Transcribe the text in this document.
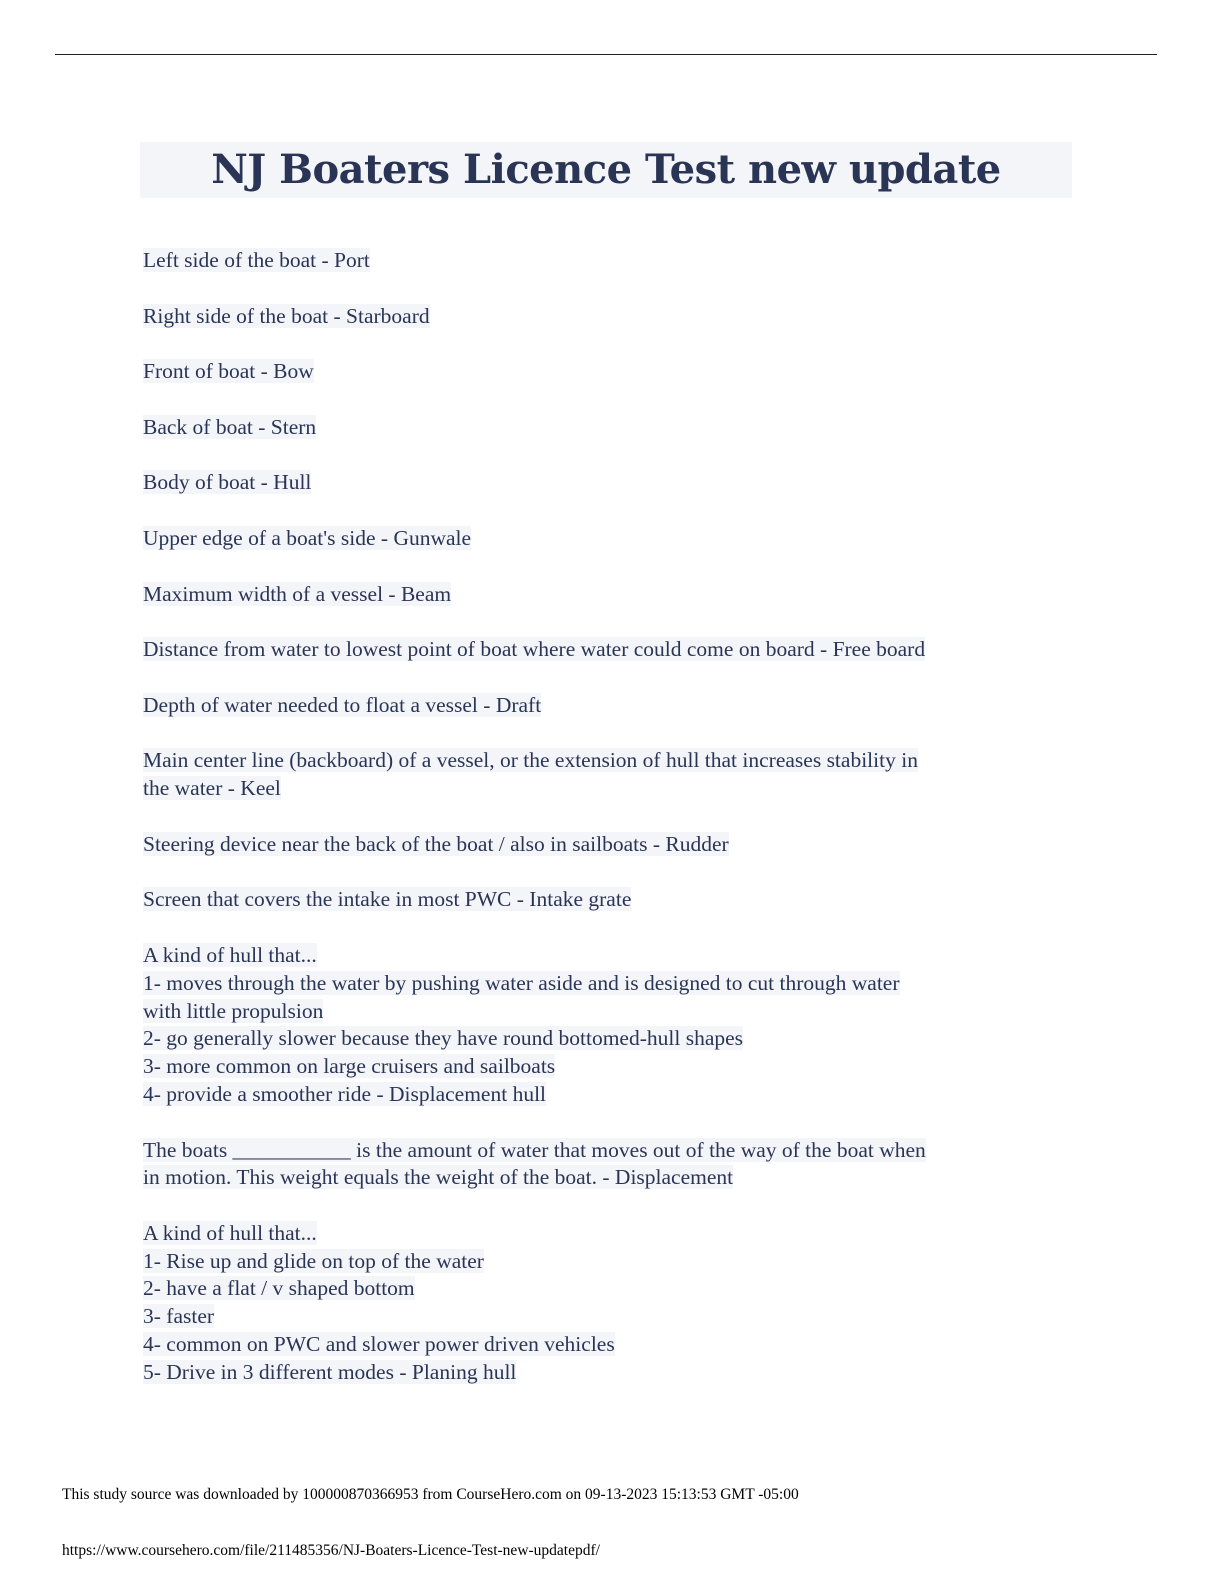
NJ Boaters Licence Test new update
Left side of the boat - Port
Right side of the boat - Starboard
Front of boat - Bow
Back of boat - Stern
Body of boat - Hull
Upper edge of a boat's side - Gunwale
Maximum width of a vessel - Beam
Distance from water to lowest point of boat where water could come on board - Free board
Depth of water needed to float a vessel - Draft
Main center line (backboard) of a vessel, or the extension of hull that increases stability in
the water - Keel
Steering device near the back of the boat / also in sailboats - Rudder
Screen that covers the intake in most PWC - Intake grate
A kind of hull that...
1- moves through the water by pushing water aside and is designed to cut through water
with little propulsion
2- go generally slower because they have round bottomed-hull shapes
3- more common on large cruisers and sailboats
4- provide a smoother ride - Displacement hull
The boats ___________ is the amount of water that moves out of the way of the boat when
in motion. This weight equals the weight of the boat. - Displacement
A kind of hull that...
1- Rise up and glide on top of the water
2- have a flat / v shaped bottom
3- faster
4- common on PWC and slower power driven vehicles
5- Drive in 3 different modes - Planing hull
This study source was downloaded by 100000870366953 from CourseHero.com on 09-13-2023 15:13:53 GMT -05:00
https://www.coursehero.com/file/211485356/NJ-Boaters-Licence-Test-new-updatepdf/
